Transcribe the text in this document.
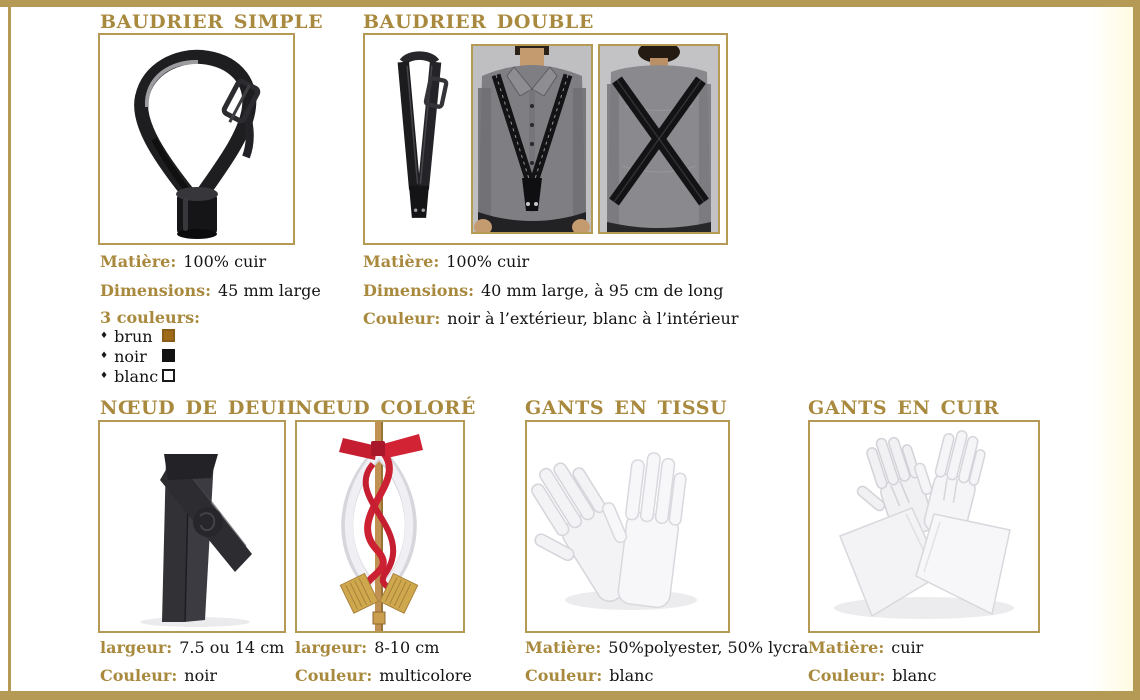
BAUDRIER SIMPLE
Matière: 100% cuir
Dimensions: 45 mm large
3 couleurs:
♦ brun
♦ noir
♦ blanc
BAUDRIER DOUBLE
Matière: 100% cuir
Dimensions: 40 mm large, à 95 cm de long
Couleur: noir à l’extérieur, blanc à l’intérieur
NŒUD DE DEUIL
largeur: 7.5 ou 14 cm
Couleur: noir
NŒUD COLORÉ
largeur: 8-10 cm
Couleur: multicolore
GANTS EN TISSU
Matière: 50%polyester, 50% lycra
Couleur: blanc
GANTS EN CUIR
Matière: cuir
Couleur: blanc
